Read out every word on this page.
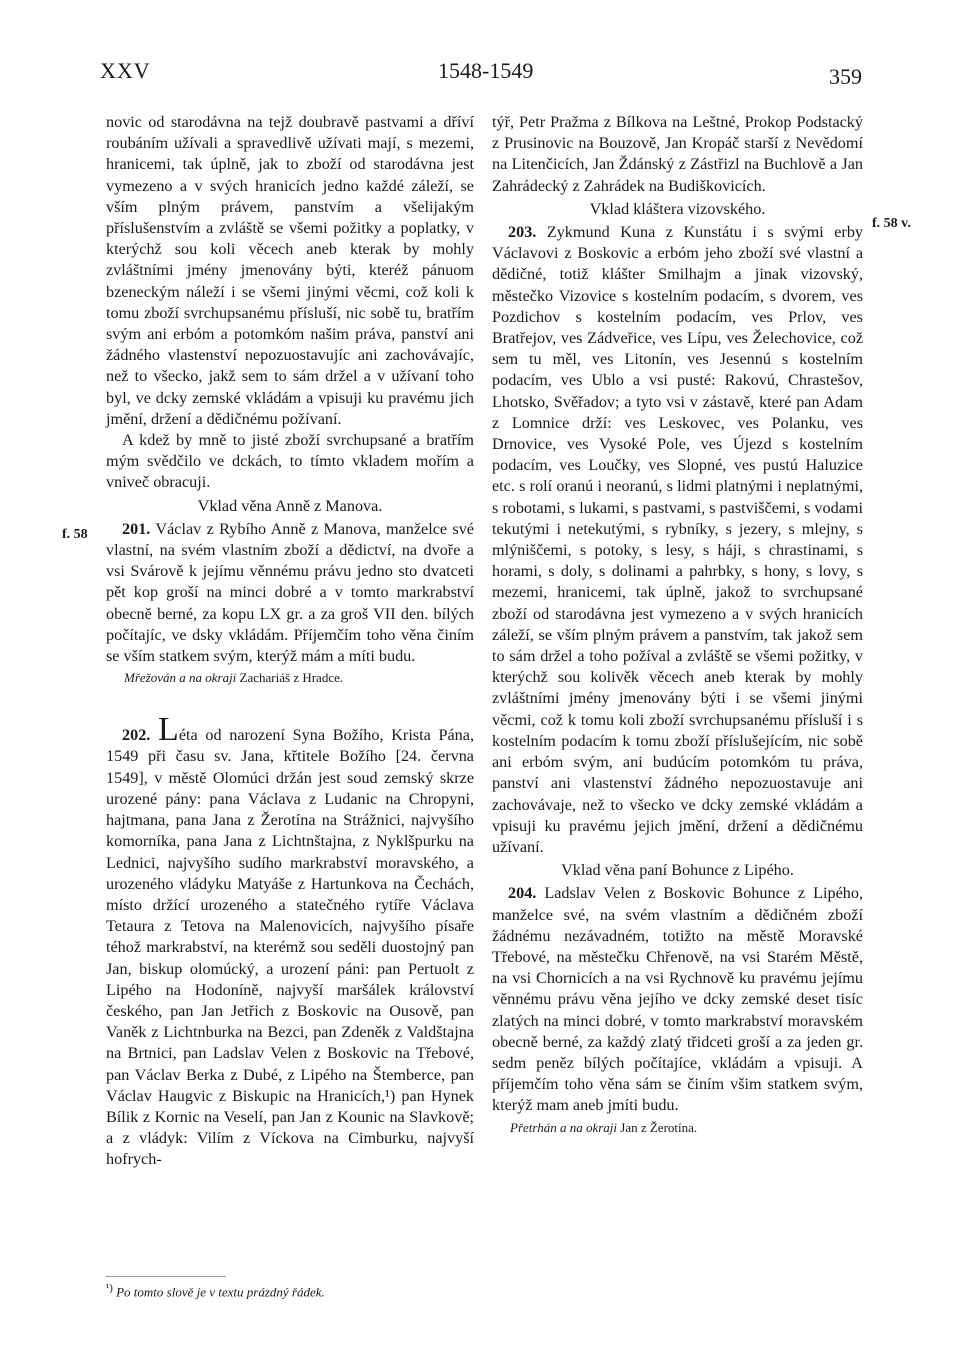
XXV	1548-1549	359
f. 58
f. 58 v.

novic od starodávna na tejž doubravě pastvami a dříví roubáním užívali a spravedlivě užívati mají, s mezemi, hranicemi, tak úplně, jak to zboží od starodávna jest vymezeno a v svých hranicích jedno každé záleží, se vším plným právem, panstvím a všelijakým příslušenstvím a zvláště se všemi požitky a poplatky, v kterýchž sou koli věcech aneb kterak by mohly zvláštními jmény jmenovány býti, kteréž pánuom bzeneckým náleží i se všemi jinými věcmi, což koli k tomu zboží svrchupsanému přísluší, nic sobě tu, bratřím svým ani erbóm a potomkóm našim práva, panství ani žádného vlastenství nepozuostavujíc ani zachovávajíc, než to všecko, jakž sem to sám držel a v užívaní toho byl, ve dcky zemské vkládám a vpisuji ku pravému jich jmění, držení a dědičnému požívaní.

A kdež by mně to jisté zboží svrchupsané a bratřím mým svědčilo ve dckách, to tímto vkladem mořím a vniveč obracuji.

Vklad věna Anně z Manova.

201. Václav z Rybího Anně z Manova, manželce své vlastní, na svém vlastním zboží a dědictví, na dvoře a vsi Svárově k jejímu věnnému právu jedno sto dvatceti pět kop groší na minci dobré a v tomto markrabství obecně berné, za kopu LX gr. a za groš VII den. bílých počítajíc, ve dsky vkládám. Příjemčím toho věna činím se vším statkem svým, kterýž mám a míti budu.

Mřežován a na okraji Zachariáš z Hradce.

202. Léta od narození Syna Božího, Krista Pána, 1549 při času sv. Jana, křtitele Božího [24. června 1549], v městě Olomúci držán jest soud zemský skrze urozené pány: pana Václava z Ludanic na Chropyni, hajtmana, pana Jana z Žerotína na Strážnici, najvyšího komorníka, pana Jana z Lichtnštajna, z Nyklšpurku na Lednici, najvyšího sudího markrabství moravského, a urozeného vládyku Matyáše z Hartunkova na Čechách, místo držící urozeného a statečného rytíře Václava Tetaura z Tetova na Malenovicích, najvyšího písaře téhož markrabství, na kterémž sou seděli duostojný pan Jan, biskup olomúcký, a urození páni: pan Pertuolt z Lipého na Hodoníně, najvyší maršálek království českého, pan Jan Jetřich z Boskovic na Ousově, pan Vaněk z Lichtnburka na Bezci, pan Zdeněk z Valdštajna na Brtnici, pan Ladslav Velen z Boskovic na Třebové, pan Václav Berka z Dubé, z Lipého na Štemberce, pan Václav Haugvic z Biskupic na Hranicích,¹) pan Hynek Bílik z Kornic na Veselí, pan Jan z Kounic na Slavkově; a z vládyk: Vilím z Víckova na Cimburku, najvyší hofrych-

týř, Petr Pražma z Bílkova na Leštné, Prokop Podstacký z Prusinovic na Bouzově, Jan Kropáč starší z Nevědomí na Litenčicích, Jan Ždánský z Zástřizl na Buchlově a Jan Zahrádecký z Zahrádek na Budiškovicích.

Vklad kláštera vizovského.

203. Zykmund Kuna z Kunstátu i s svými erby Václavovi z Boskovic a erbóm jeho zboží své vlastní a dědičné, totiž klášter Smilhajm a jinak vizovský, městečko Vizovice s kostelním podacím, s dvorem, ves Pozdichov s kostelním podacím, ves Prlov, ves Bratřejov, ves Zádveřice, ves Lípu, ves Želechovice, což sem tu měl, ves Litonín, ves Jesennú s kostelním podacím, ves Ublo a vsi pusté: Rakovú, Chrastešov, Lhotsko, Svěřadov; a tyto vsi v zástavě, které pan Adam z Lomnice drží: ves Leskovec, ves Polanku, ves Drnovice, ves Vysoké Pole, ves Újezd s kostelním podacím, ves Loučky, ves Slopné, ves pustú Haluzice etc. s rolí oranú i neoranú, s lidmi platnými i neplatnými, s robotami, s lukami, s pastvami, s pastviščemi, s vodami tekutými i netekutými, s rybníky, s jezery, s mlejny, s mlýniščemi, s potoky, s lesy, s háji, s chrastinami, s horami, s doly, s dolinami a pahrbky, s hony, s lovy, s mezemi, hranicemi, tak úplně, jakož to svrchupsané zboží od starodávna jest vymezeno a v svých hranicích záleží, se vším plným právem a panstvím, tak jakož sem to sám držel a toho požíval a zvláště se všemi požitky, v kterýchž sou kolivěk věcech aneb kterak by mohly zvláštními jmény jmenovány býti i se všemi jinými věcmi, což k tomu koli zboží svrchupsanému přísluší i s kostelním podacím k tomu zboží příslušejícím, nic sobě ani erbóm svým, ani budúcím potomkóm tu práva, panství ani vlastenství žádného nepozuostavuje ani zachovávaje, než to všecko ve dcky zemské vkládám a vpisuji ku pravému jejich jmění, držení a dědičnému užívaní.

Vklad věna paní Bohunce z Lipého.

204. Ladslav Velen z Boskovic Bohunce z Lipého, manželce své, na svém vlastním a dědičném zboží žádnému nezávadném, totižto na městě Moravské Třebové, na městečku Chřenově, na vsi Starém Městě, na vsi Chornicích a na vsi Rychnově ku pravému jejímu věnnému právu věna jejího ve dcky zemské deset tisíc zlatých na minci dobré, v tomto markrabství moravském obecně berné, za každý zlatý třidceti groší a za jeden gr. sedm peněz bílých počítajíce, vkládám a vpisuji. A příjemčím toho věna sám se činím všim statkem svým, kterýž mam aneb jmíti budu.

Přetrhán a na okraji Jan z Žerotína.

$^{^1)}$ Po tomto slově je v textu prázdný řádek.
